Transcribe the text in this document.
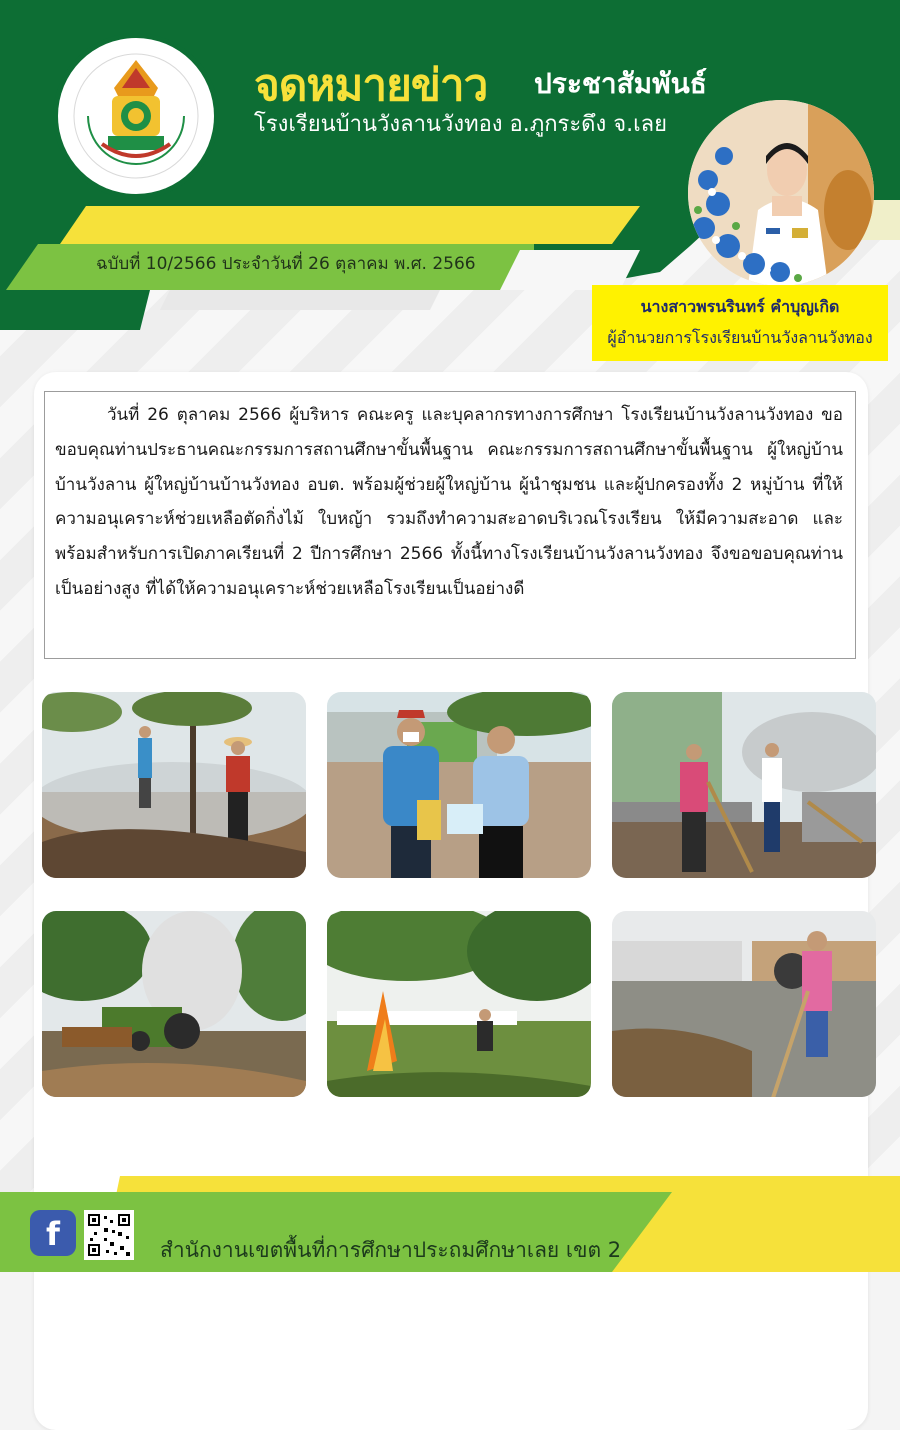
จดหมายข่าว ประชาสัมพันธ์
โรงเรียนบ้านวังลานวังทอง อ.ภูกระดึง จ.เลย
ฉบับที่ 10/2566 ประจำวันที่ 26 ตุลาคม พ.ศ. 2566
นางสาวพรนรินทร์ คำบุญเกิด
ผู้อำนวยการโรงเรียนบ้านวังลานวังทอง

วันที่ 26 ตุลาคม 2566 ผู้บริหาร คณะครู และบุคลากรทางการศึกษา โรงเรียนบ้านวังลานวังทอง ขอขอบคุณท่านประธานคณะกรรมการสถานศึกษาขั้นพื้นฐาน คณะกรรมการสถานศึกษาขั้นพื้นฐาน ผู้ใหญ่บ้านบ้านวังลาน ผู้ใหญ่บ้านบ้านวังทอง อบต. พร้อมผู้ช่วยผู้ใหญ่บ้าน ผู้นำชุมชน และผู้ปกครองทั้ง 2 หมู่บ้าน ที่ให้ความอนุเคราะห์ช่วยเหลือตัดกิ่งไม้ ใบหญ้า รวมถึงทำความสะอาดบริเวณโรงเรียน ให้มีความสะอาด และพร้อมสำหรับการเปิดภาคเรียนที่ 2 ปีการศึกษา 2566 ทั้งนี้ทางโรงเรียนบ้านวังลานวังทอง จึงขอขอบคุณท่านเป็นอย่างสูง ที่ได้ให้ความอนุเคราะห์ช่วยเหลือโรงเรียนเป็นอย่างดี

f	สำนักงานเขตพื้นที่การศึกษาประถมศึกษาเลย เขต 2
